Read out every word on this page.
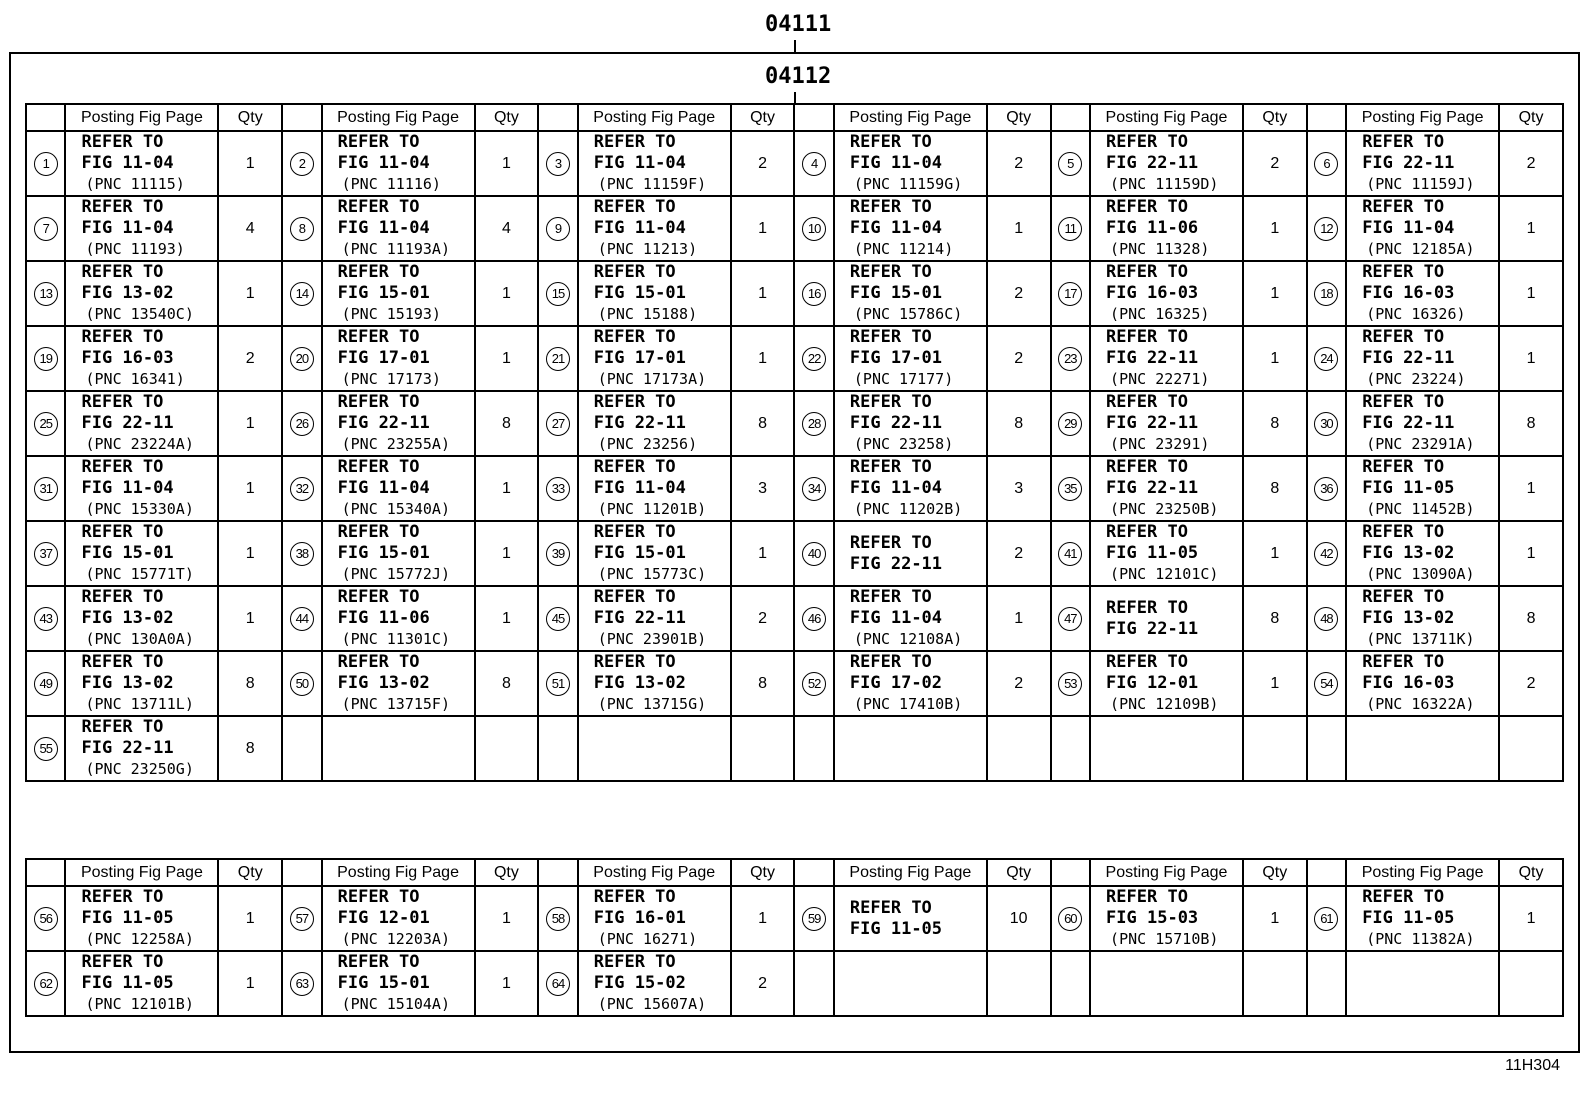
04111
04112
	Posting Fig Page	Qty		Posting Fig Page	Qty		Posting Fig Page	Qty		Posting Fig Page	Qty		Posting Fig Page	Qty		Posting Fig Page	Qty
1	REFER TO
FIG 11-04
(PNC 11115)	1	2	REFER TO
FIG 11-04
(PNC 11116)	1	3	REFER TO
FIG 11-04
(PNC 11159F)	2	4	REFER TO
FIG 11-04
(PNC 11159G)	2	5	REFER TO
FIG 22-11
(PNC 11159D)	2	6	REFER TO
FIG 22-11
(PNC 11159J)	2
7	REFER TO
FIG 11-04
(PNC 11193)	4	8	REFER TO
FIG 11-04
(PNC 11193A)	4	9	REFER TO
FIG 11-04
(PNC 11213)	1	10	REFER TO
FIG 11-04
(PNC 11214)	1	11	REFER TO
FIG 11-06
(PNC 11328)	1	12	REFER TO
FIG 11-04
(PNC 12185A)	1
13	REFER TO
FIG 13-02
(PNC 13540C)	1	14	REFER TO
FIG 15-01
(PNC 15193)	1	15	REFER TO
FIG 15-01
(PNC 15188)	1	16	REFER TO
FIG 15-01
(PNC 15786C)	2	17	REFER TO
FIG 16-03
(PNC 16325)	1	18	REFER TO
FIG 16-03
(PNC 16326)	1
19	REFER TO
FIG 16-03
(PNC 16341)	2	20	REFER TO
FIG 17-01
(PNC 17173)	1	21	REFER TO
FIG 17-01
(PNC 17173A)	1	22	REFER TO
FIG 17-01
(PNC 17177)	2	23	REFER TO
FIG 22-11
(PNC 22271)	1	24	REFER TO
FIG 22-11
(PNC 23224)	1
25	REFER TO
FIG 22-11
(PNC 23224A)	1	26	REFER TO
FIG 22-11
(PNC 23255A)	8	27	REFER TO
FIG 22-11
(PNC 23256)	8	28	REFER TO
FIG 22-11
(PNC 23258)	8	29	REFER TO
FIG 22-11
(PNC 23291)	8	30	REFER TO
FIG 22-11
(PNC 23291A)	8
31	REFER TO
FIG 11-04
(PNC 15330A)	1	32	REFER TO
FIG 11-04
(PNC 15340A)	1	33	REFER TO
FIG 11-04
(PNC 11201B)	3	34	REFER TO
FIG 11-04
(PNC 11202B)	3	35	REFER TO
FIG 22-11
(PNC 23250B)	8	36	REFER TO
FIG 11-05
(PNC 11452B)	1
37	REFER TO
FIG 15-01
(PNC 15771T)	1	38	REFER TO
FIG 15-01
(PNC 15772J)	1	39	REFER TO
FIG 15-01
(PNC 15773C)	1	40	REFER TO
FIG 22-11	2	41	REFER TO
FIG 11-05
(PNC 12101C)	1	42	REFER TO
FIG 13-02
(PNC 13090A)	1
43	REFER TO
FIG 13-02
(PNC 130A0A)	1	44	REFER TO
FIG 11-06
(PNC 11301C)	1	45	REFER TO
FIG 22-11
(PNC 23901B)	2	46	REFER TO
FIG 11-04
(PNC 12108A)	1	47	REFER TO
FIG 22-11	8	48	REFER TO
FIG 13-02
(PNC 13711K)	8
49	REFER TO
FIG 13-02
(PNC 13711L)	8	50	REFER TO
FIG 13-02
(PNC 13715F)	8	51	REFER TO
FIG 13-02
(PNC 13715G)	8	52	REFER TO
FIG 17-02
(PNC 17410B)	2	53	REFER TO
FIG 12-01
(PNC 12109B)	1	54	REFER TO
FIG 16-03
(PNC 16322A)	2
55	REFER TO
FIG 22-11
(PNC 23250G)	8															
	Posting Fig Page	Qty		Posting Fig Page	Qty		Posting Fig Page	Qty		Posting Fig Page	Qty		Posting Fig Page	Qty		Posting Fig Page	Qty
56	REFER TO
FIG 11-05
(PNC 12258A)	1	57	REFER TO
FIG 12-01
(PNC 12203A)	1	58	REFER TO
FIG 16-01
(PNC 16271)	1	59	REFER TO
FIG 11-05	10	60	REFER TO
FIG 15-03
(PNC 15710B)	1	61	REFER TO
FIG 11-05
(PNC 11382A)	1
62	REFER TO
FIG 11-05
(PNC 12101B)	1	63	REFER TO
FIG 15-01
(PNC 15104A)	1	64	REFER TO
FIG 15-02
(PNC 15607A)	2									
11H304
